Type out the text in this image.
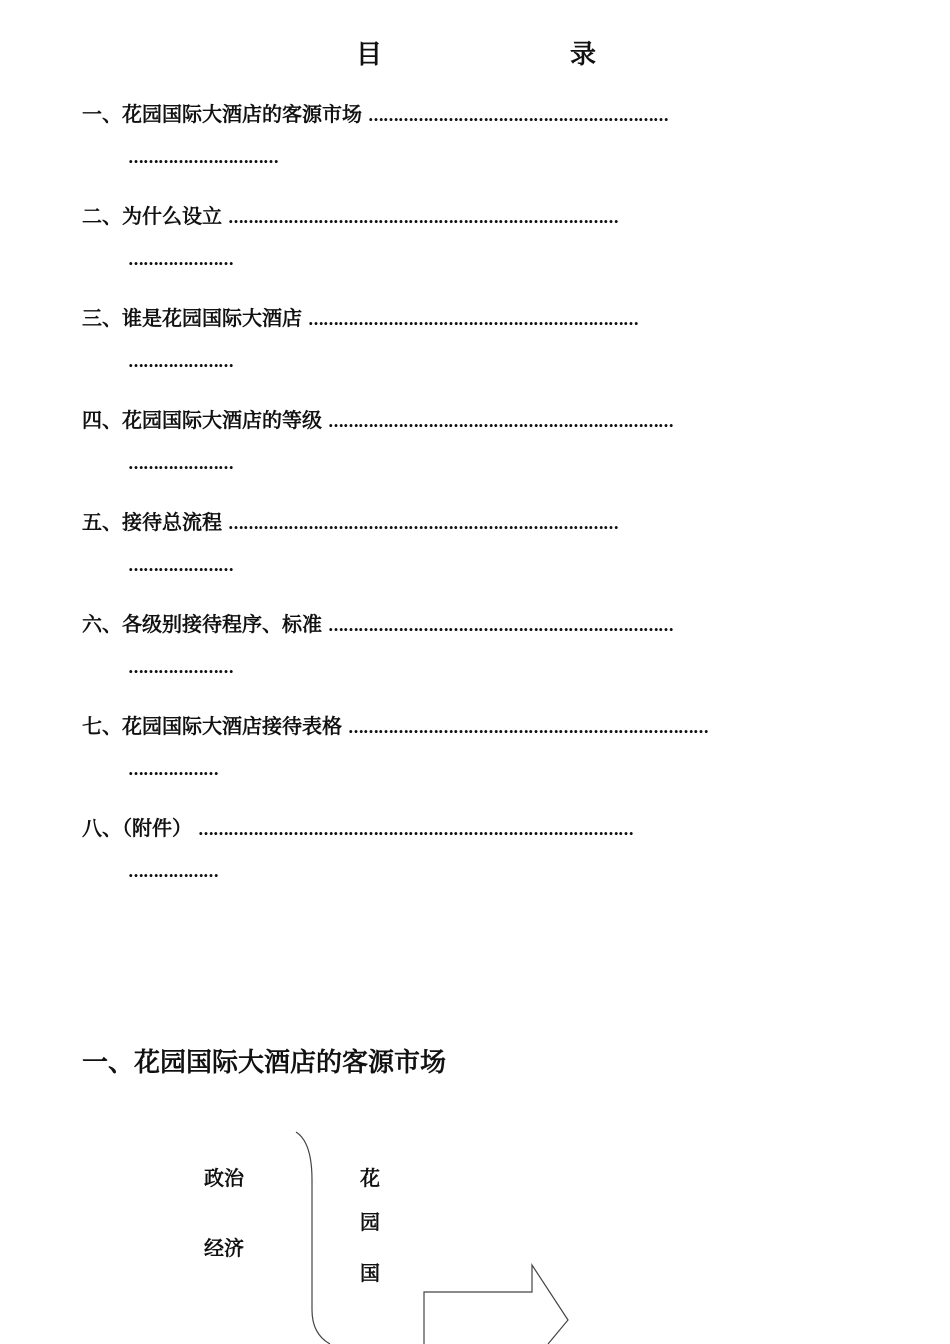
目	录
一、花园国际大酒店的客源市场 ……………………………………………………
…………………………
二、为什么设立 ……………………………………………………………………
…………………
三、谁是花园国际大酒店 …………………………………………………………
…………………
四、花园国际大酒店的等级 ……………………………………………………………
…………………
五、接待总流程 ……………………………………………………………………
…………………
六、各级别接待程序、标准 ……………………………………………………………
…………………
七、花园国际大酒店接待表格 ………………………………………………………………
………………
八、（附件） ……………………………………………………………………………
………………
一、花园国际大酒店的客源市场
政治
经济
花
园
国
